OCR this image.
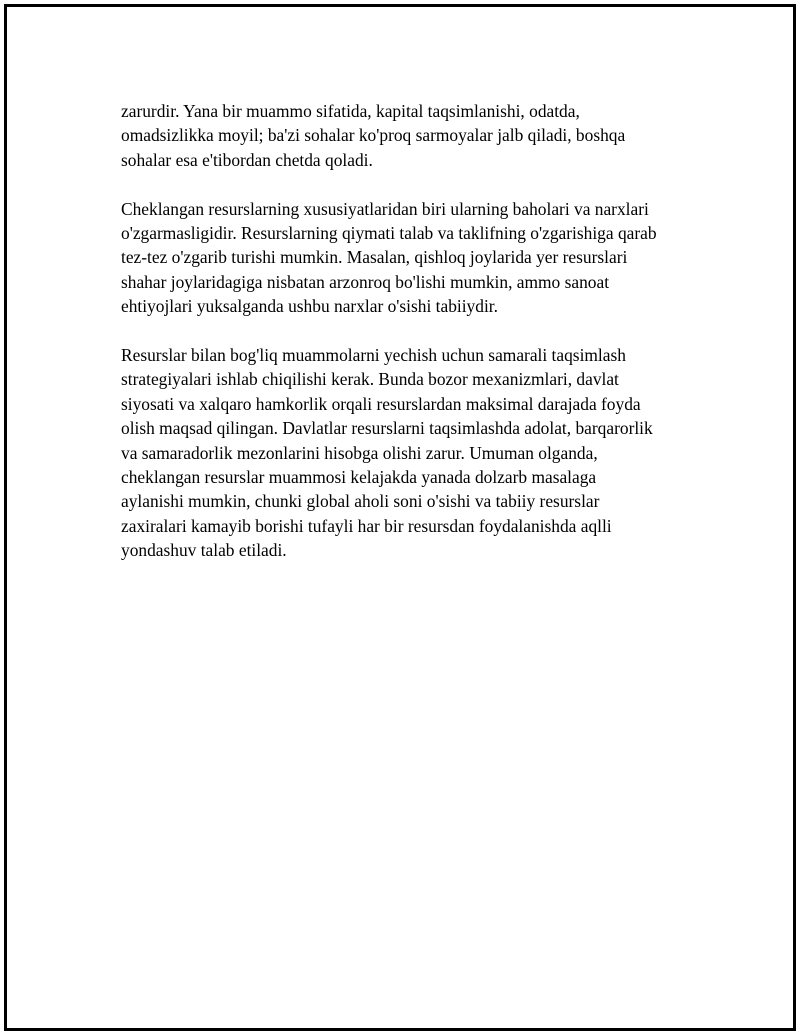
zarurdir. Yana bir muammo sifatida, kapital taqsimlanishi, odatda,
omadsizlikka moyil; ba'zi sohalar ko'proq sarmoyalar jalb qiladi, boshqa
sohalar esa e'tibordan chetda qoladi.

Cheklangan resurslarning xususiyatlaridan biri ularning baholari va narxlari
o'zgarmasligidir. Resurslarning qiymati talab va taklifning o'zgarishiga qarab
tez-tez o'zgarib turishi mumkin. Masalan, qishloq joylarida yer resurslari
shahar joylaridagiga nisbatan arzonroq bo'lishi mumkin, ammo sanoat
ehtiyojlari yuksalganda ushbu narxlar o'sishi tabiiydir.

Resurslar bilan bog'liq muammolarni yechish uchun samarali taqsimlash
strategiyalari ishlab chiqilishi kerak. Bunda bozor mexanizmlari, davlat
siyosati va xalqaro hamkorlik orqali resurslardan maksimal darajada foyda
olish maqsad qilingan. Davlatlar resurslarni taqsimlashda adolat, barqarorlik
va samaradorlik mezonlarini hisobga olishi zarur. Umuman olganda,
cheklangan resurslar muammosi kelajakda yanada dolzarb masalaga
aylanishi mumkin, chunki global aholi soni o'sishi va tabiiy resurslar
zaxiralari kamayib borishi tufayli har bir resursdan foydalanishda aqlli
yondashuv talab etiladi.
